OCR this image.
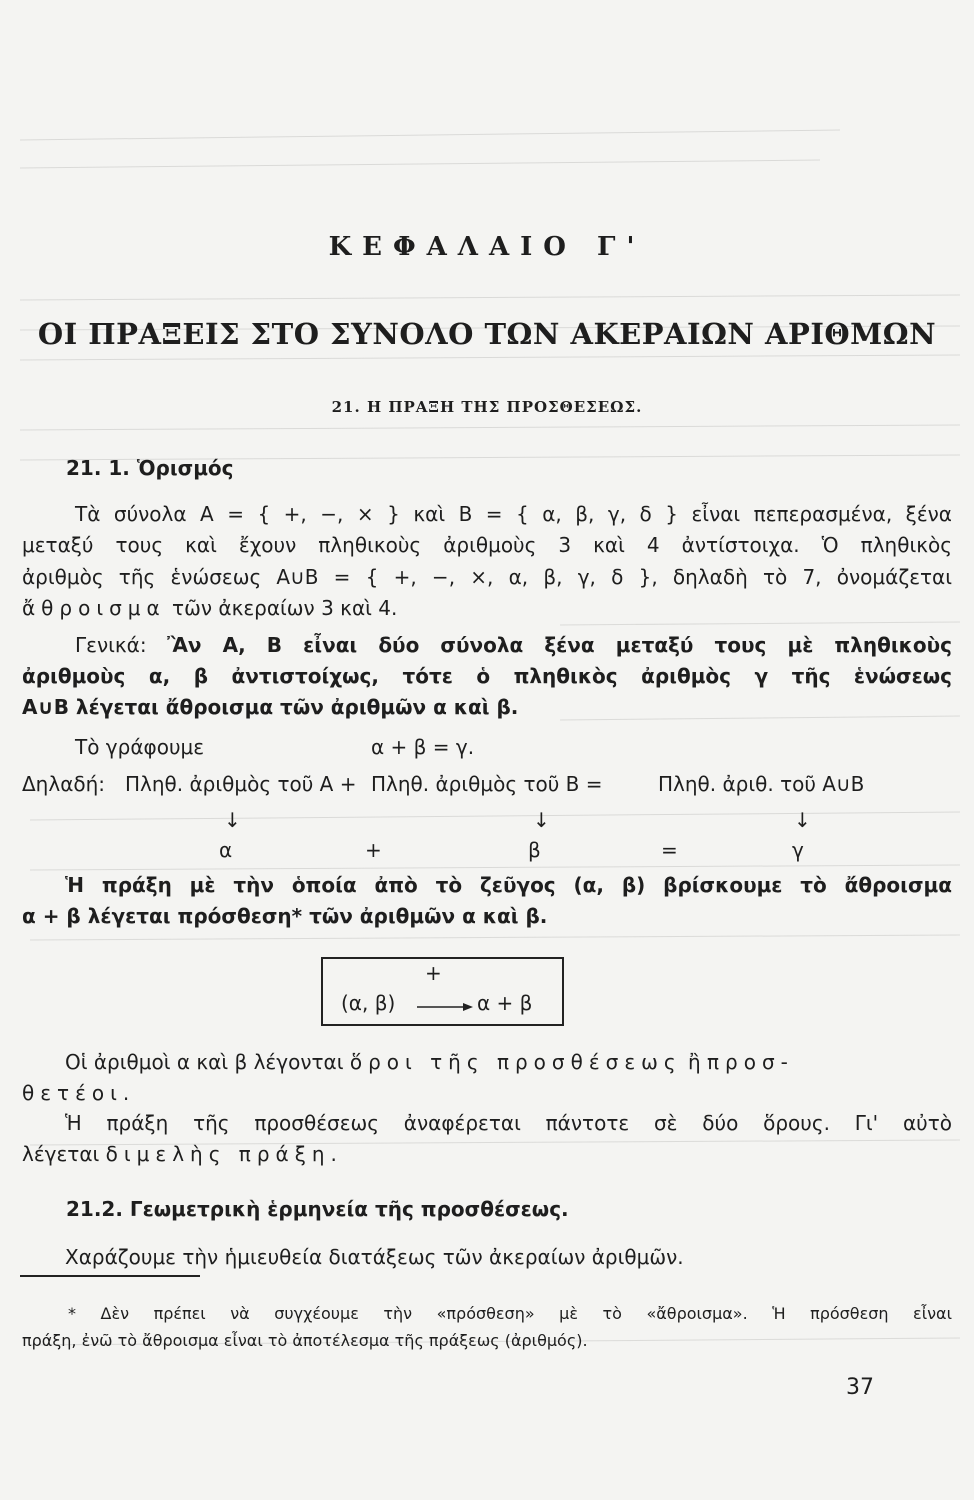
ΚΕΦΑΛΑΙΟ Γ'
ΟΙ ΠΡΑΞΕΙΣ ΣΤΟ ΣΥΝΟΛΟ ΤΩΝ ΑΚΕΡΑΙΩΝ ΑΡΙΘΜΩΝ
21. Η ΠΡΑΞΗ ΤΗΣ ΠΡΟΣΘΕΣΕΩΣ.
21. 1. Ὁρισμός
Τὰ σύνολα Α = { +, −, × } καὶ Β = { α, β, γ, δ } εἶναι πεπερασμένα, ξένα
μεταξύ τους καὶ ἔχουν πληθικοὺς ἀριθμοὺς 3 καὶ 4 ἀντίστοιχα. Ὁ πληθικὸς
ἀριθμὸς τῆς ἑνώσεως Α∪Β = { +, −, ×, α, β, γ, δ }, δηλαδὴ τὸ 7, ὀνομάζεται
ἄθροισμα τῶν ἀκεραίων 3 καὶ 4.
Γενικά: Ἂν Α, Β εἶναι δύο σύνολα ξένα μεταξύ τους μὲ πληθικοὺς
ἀριθμοὺς α, β ἀντιστοίχως, τότε ὁ πληθικὸς ἀριθμὸς γ τῆς ἑνώσεως
Α∪Β λέγεται ἄθροισμα τῶν ἀριθμῶν α καὶ β.
Τὸ γράφουμε	α + β = γ.
Δηλαδή: Πληθ. ἀριθμὸς τοῦ Α + Πληθ. ἀριθμὸς τοῦ Β =	Πληθ. ἀριθ. τοῦ Α∪Β
↓	↓	↓
α	+	β	=	γ
Ἡ πράξη μὲ τὴν ὁποία ἀπὸ τὸ ζεῦγος (α, β) βρίσκουμε τὸ ἄθροισμα
α + β λέγεται πρόσθεση* τῶν ἀριθμῶν α καὶ β.
+
(α, β)	α + β
Οἱ ἀριθμοὶ α καὶ β λέγονται ὅροι τῆς προσθέσεως ἢ προσ-
θετέοι.
Ἡ πράξη τῆς προσθέσεως ἀναφέρεται πάντοτε σὲ δύο ὅρους. Γι' αὐτὸ
λέγεται διμελὴς πράξη.
21.2. Γεωμετρικὴ ἑρμηνεία τῆς προσθέσεως.
Χαράζουμε τὴν ἡμιευθεία διατάξεως τῶν ἀκεραίων ἀριθμῶν.
* Δὲν πρέπει νὰ συγχέουμε τὴν «πρόσθεση» μὲ τὸ «ἄθροισμα». Ἡ πρόσθεση εἶναι
πράξη, ἐνῶ τὸ ἄθροισμα εἶναι τὸ ἀποτέλεσμα τῆς πράξεως (ἀριθμός).
37
